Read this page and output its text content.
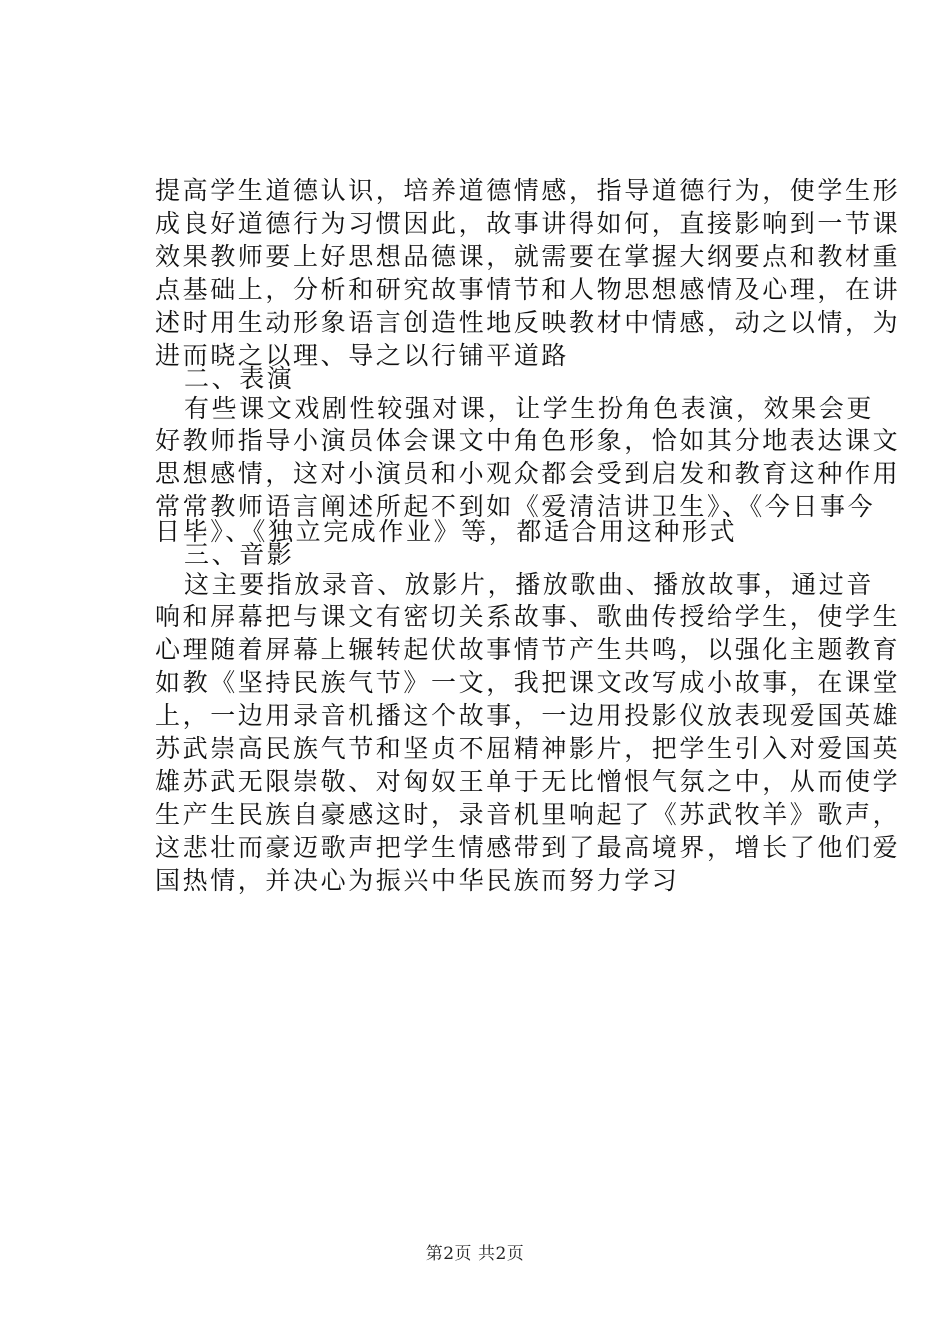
提高学生道德认识，培养道德情感，指导道德行为，使学生形
成良好道德行为习惯因此，故事讲得如何，直接影响到一节课
效果教师要上好思想品德课，就需要在掌握大纲要点和教材重
点基础上，分析和研究故事情节和人物思想感情及心理，在讲
述时用生动形象语言创造性地反映教材中情感，动之以情，为
进而晓之以理、导之以行铺平道路
二、表演
有些课文戏剧性较强对课，让学生扮角色表演，效果会更
好教师指导小演员体会课文中角色形象，恰如其分地表达课文
思想感情，这对小演员和小观众都会受到启发和教育这种作用
常常教师语言阐述所起不到如《爱清洁讲卫生》、《今日事今
日毕》、《独立完成作业》等，都适合用这种形式
三、音影
这主要指放录音、放影片，播放歌曲、播放故事，通过音
响和屏幕把与课文有密切关系故事、歌曲传授给学生，使学生
心理随着屏幕上辗转起伏故事情节产生共鸣，以强化主题教育
如教《坚持民族气节》一文，我把课文改写成小故事，在课堂
上，一边用录音机播这个故事，一边用投影仪放表现爱国英雄
苏武崇高民族气节和坚贞不屈精神影片，把学生引入对爱国英
雄苏武无限崇敬、对匈奴王单于无比憎恨气氛之中，从而使学
生产生民族自豪感这时，录音机里响起了《苏武牧羊》歌声，
这悲壮而豪迈歌声把学生情感带到了最高境界，增长了他们爱
国热情，并决心为振兴中华民族而努力学习
第2页 共2页
